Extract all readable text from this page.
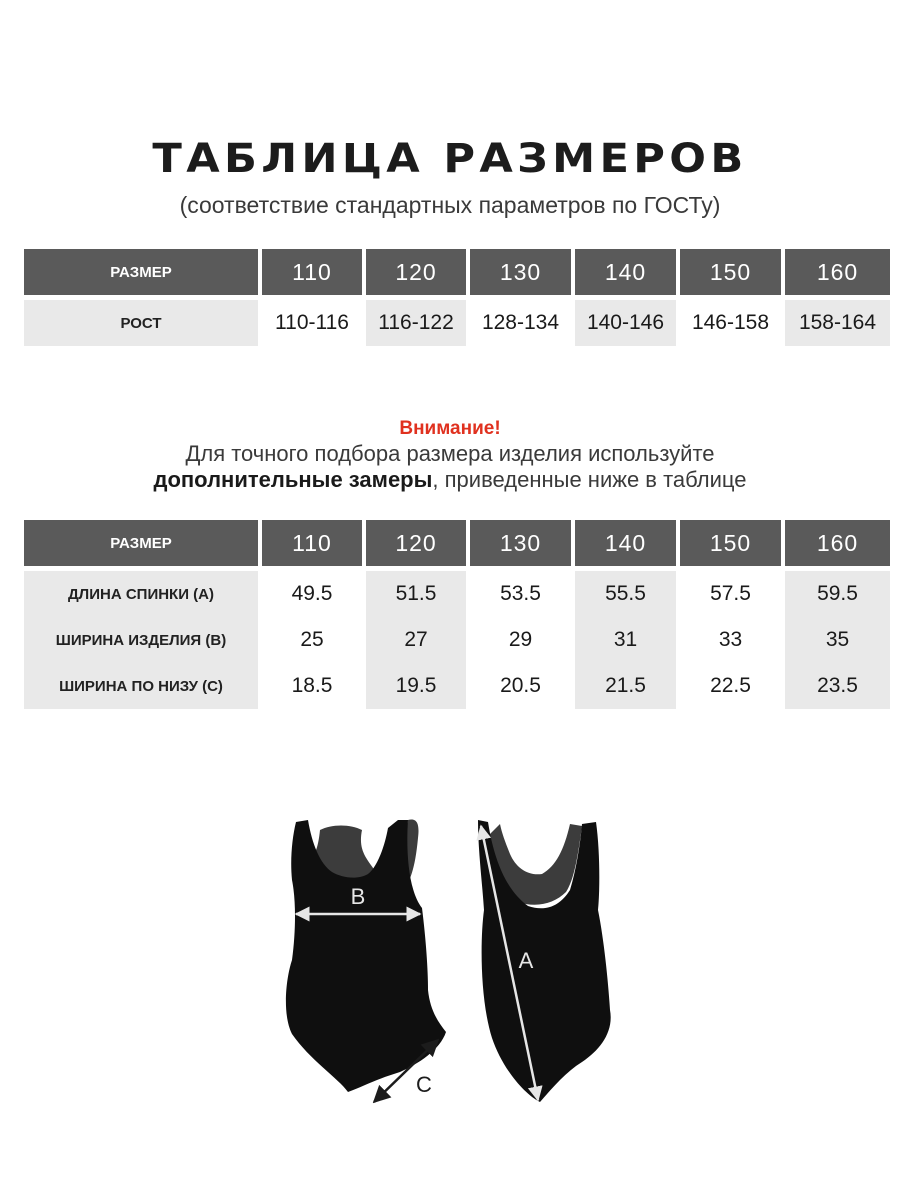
ТАБЛИЦА РАЗМЕРОВ
(соответствие стандартных параметров по ГОСТу)
РАЗМЕР	110	120	130	140	150	160
РОСТ	110-116	116-122	128-134	140-146	146-158	158-164
Внимание!
Для точного подбора размера изделия используйте
дополнительные замеры, приведенные ниже в таблице
РАЗМЕР	110	120	130	140	150	160
ДЛИНА СПИНКИ (А)	49.5	51.5	53.5	55.5	57.5	59.5
ШИРИНА ИЗДЕЛИЯ (В)	25	27	29	31	33	35
ШИРИНА ПО НИЗУ (С)	18.5	19.5	20.5	21.5	22.5	23.5
B
C
A
